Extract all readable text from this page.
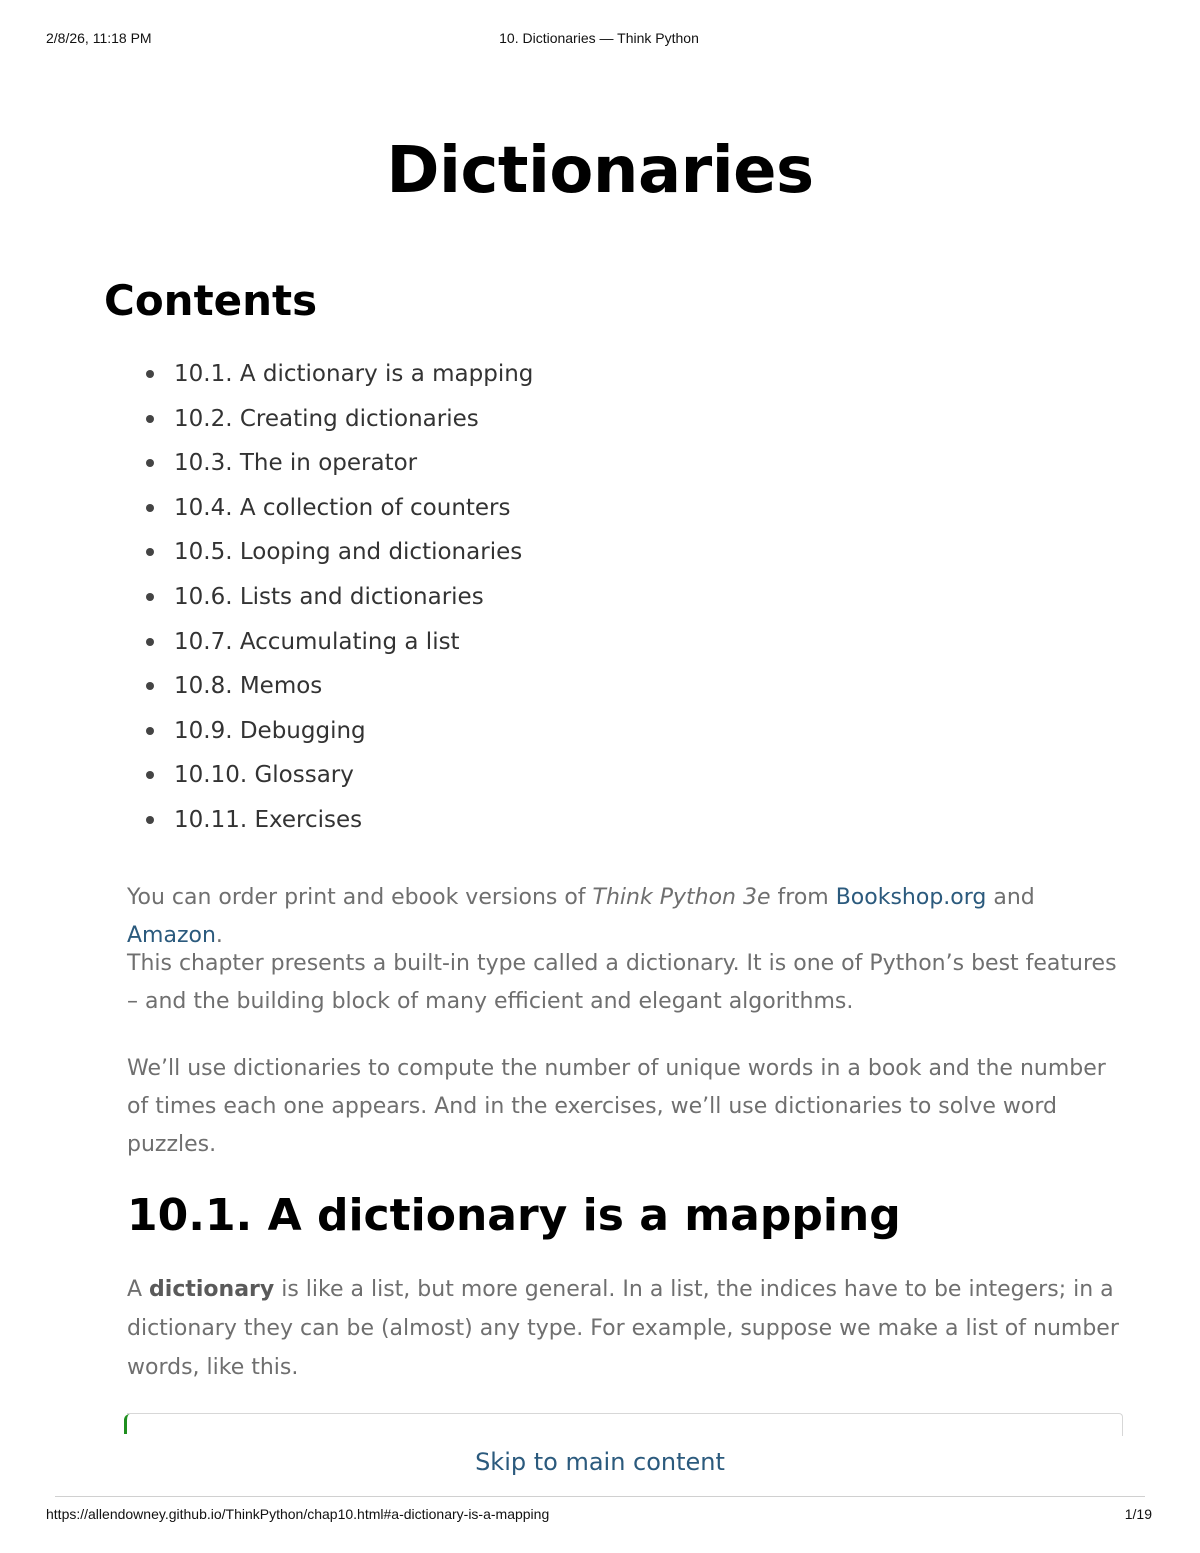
2/8/26, 11:18 PM	10. Dictionaries — Think Python
Dictionaries
Contents
10.1. A dictionary is a mapping
10.2. Creating dictionaries
10.3. The in operator
10.4. A collection of counters
10.5. Looping and dictionaries
10.6. Lists and dictionaries
10.7. Accumulating a list
10.8. Memos
10.9. Debugging
10.10. Glossary
10.11. Exercises

You can order print and ebook versions of Think Python 3e from Bookshop.org and Amazon.

This chapter presents a built-in type called a dictionary. It is one of Python’s best features – and the building block of many efficient and elegant algorithms.

We’ll use dictionaries to compute the number of unique words in a book and the number of times each one appears. And in the exercises, we’ll use dictionaries to solve word puzzles.

10.1. A dictionary is a mapping

A dictionary is like a list, but more general. In a list, the indices have to be integers; in a dictionary they can be (almost) any type. For example, suppose we make a list of number words, like this.

Skip to main content
https://allendowney.github.io/ThinkPython/chap10.html#a-dictionary-is-a-mapping	1/19
